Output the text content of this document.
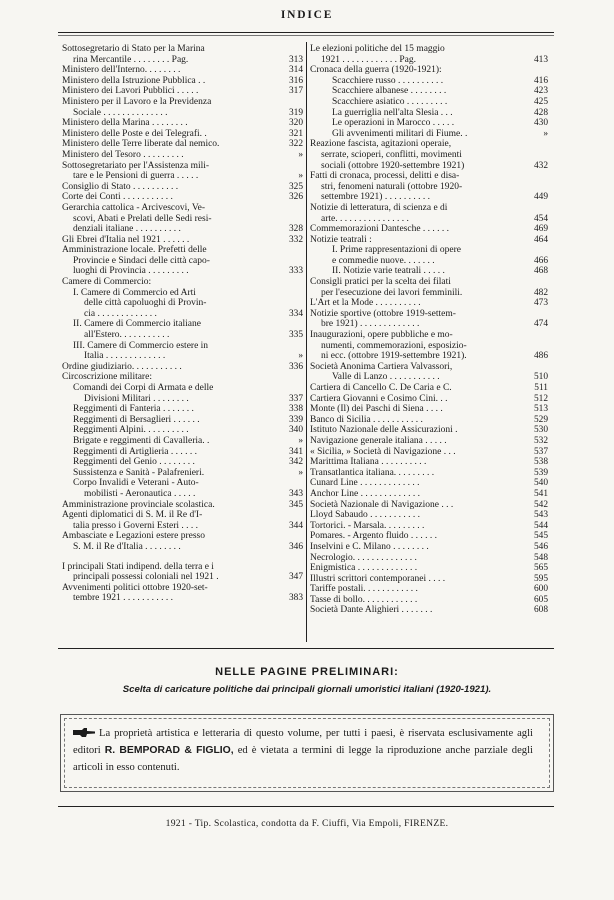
INDICE
Sottosegretario di Stato per la Marina
rina Mercantile . . . . . . . . Pag.	313
Ministero dell'Interno. . . . . . . .	314
Ministero della Istruzione Pubblica . .	316
Ministero dei Lavori Pubblici . . . . .	317
Ministero per il Lavoro e la Previdenza
Sociale . . . . . . . . . . . . . .	319
Ministero della Marina . . . . . . . .	320
Ministero delle Poste e dei Telegrafi. .	321
Ministero delle Terre liberate dal nemico.	322
Ministero del Tesoro . . . . . . . . .	»
Sottosegretariato per l'Assistenza mili-
tare e le Pensioni di guerra . . . . .	»
Consiglio di Stato . . . . . . . . . .	325
Corte dei Conti . . . . . . . . . . .	326
Gerarchia cattolica - Arcivescovi, Ve-
scovi, Abati e Prelati delle Sedi resi-
denziali italiane . . . . . . . . . .	328
Gli Ebrei d'Italia nel 1921 . . . . . .	332
Amministrazione locale. Prefetti delle
Provincie e Sindaci delle città capo-
luoghi di Provincia . . . . . . . . .	333
Camere di Commercio:
I. Camere di Commercio ed Arti
delle città capoluoghi di Provin-
cia . . . . . . . . . . . . .	334
II. Camere di Commercio italiane
all'Estero. . . . . . . . . . .	335
III. Camere di Commercio estere in
Italia . . . . . . . . . . . . .	»
Ordine giudiziario. . . . . . . . . . .	336
Circoscrizione militare:
Comandi dei Corpi di Armata e delle
Divisioni Militari . . . . . . . .	337
Reggimenti di Fanteria . . . . . . .	338
Reggimenti di Bersaglieri . . . . . .	339
Reggimenti Alpini. . . . . . . . . .	340
Brigate e reggimenti di Cavalleria. .	»
Reggimenti di Artiglieria . . . . . .	341
Reggimenti del Genio . . . . . . . .	342
Sussistenza e Sanità - Palafrenieri.	»
Corpo Invalidi e Veterani - Auto-
mobilisti - Aeronautica . . . . .	343
Amministrazione provinciale scolastica.	345
Agenti diplomatici di S. M. il Re d'I-
talia presso i Governi Esteri . . . .	344
Ambasciate e Legazioni estere presso
S. M. il Re d'Italia . . . . . . . .	346
I principali Stati indipend. della terra e i
principali possessi coloniali nel 1921 .	347
Avvenimenti politici ottobre 1920-set-
tembre 1921 . . . . . . . . . . .	383
Le elezioni politiche del 15 maggio
1921 . . . . . . . . . . . . Pag.	413
Cronaca della guerra (1920-1921):
Scacchiere russo . . . . . . . . . .	416
Scacchiere albanese . . . . . . . .	423
Scacchiere asiatico . . . . . . . . .	425
La guerriglia nell'alta Slesia . . .	428
Le operazioni in Marocco . . . . .	430
Gli avvenimenti militari di Fiume. .	»
Reazione fascista, agitazioni operaie,
serrate, scioperi, conflitti, movimenti
sociali (ottobre 1920-settembre 1921)	432
Fatti di cronaca, processi, delitti e disa-
stri, fenomeni naturali (ottobre 1920-
settembre 1921) . . . . . . . . . .	449
Notizie di letteratura, di scienza e di
arte. . . . . . . . . . . . . . . .	454
Commemorazioni Dantesche . . . . . .	469
Notizie teatrali :	464
I. Prime rappresentazioni di opere
e commedie nuove. . . . . . .	466
II. Notizie varie teatrali . . . . .	468
Consigli pratici per la scelta dei filati
per l'esecuzione dei lavori femminili.	482
L'Art et la Mode . . . . . . . . . .	473
Notizie sportive (ottobre 1919-settem-
bre 1921) . . . . . . . . . . . . .	474
Inaugurazioni, opere pubbliche e mo-
numenti, commemorazioni, esposizio-
ni ecc. (ottobre 1919-settembre 1921).	486
Società Anonima Cartiera Valvassori,
Valle di Lanzo . . . . . . . . . . .	510
Cartiera di Cancello C. De Caria e C.	511
Cartiera Giovanni e Cosimo Cini. . .	512
Monte (Il) dei Paschi di Siena . . . .	513
Banco di Sicilia . . . . . . . . . . .	529
Istituto Nazionale delle Assicurazioni .	530
Navigazione generale italiana . . . . .	532
« Sicilia, » Società di Navigazione . . .	537
Marittima Italiana . . . . . . . . . .	538
Transatlantica italiana. . . . . . . . .	539
Cunard Line . . . . . . . . . . . . .	540
Anchor Line . . . . . . . . . . . . .	541
Società Nazionale di Navigazione . . .	542
Lloyd Sabaudo . . . . . . . . . . .	543
Tortorici. - Marsala. . . . . . . . .	544
Pomares. - Argento fluido . . . . . .	545
Inselvini e C. Milano . . . . . . . .	546
Necrologio. . . . . . . . . . . . . .	548
Enigmistica . . . . . . . . . . . . .	565
Illustri scrittori contemporanei . . . .	595
Tariffe postali. . . . . . . . . . . .	600
Tasse di bollo. . . . . . . . . . . .	605
Società Dante Alighieri . . . . . . .	608
NELLE PAGINE PRELIMINARI:
Scelta di caricature politiche dai principali giornali umoristici italiani (1920-1921).
La proprietà artistica e letteraria di questo volume, per tutti i paesi, è riservata esclusivamente agli editori R. BEMPORAD & FIGLIO, ed è vietata a termini di legge la riproduzione anche parziale degli articoli in esso contenuti.
1921 - Tip. Scolastica, condotta da F. Ciuffi, Via Empoli, FIRENZE.
